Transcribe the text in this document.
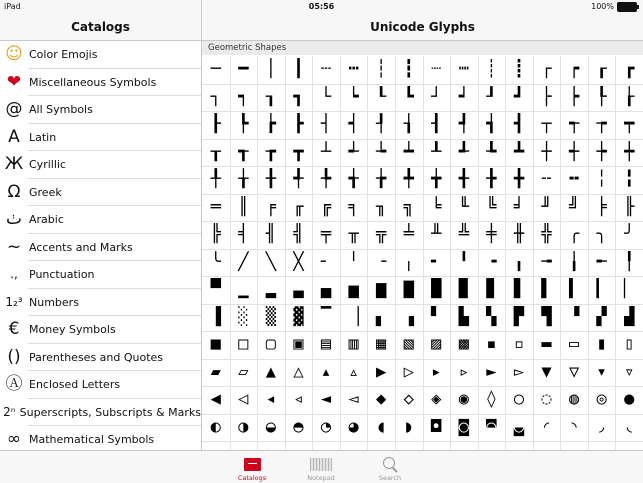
iPad	05:56	100%
Catalogs	Unicode Glyphs
☺ Color Emojis
❤ Miscellaneous Symbols
@ All Symbols
A Latin
Ж Cyrillic
Ω Greek
ٺ Arabic
~ Accents and Marks
.,	Punctuation
1₂³ Numbers
€ Money Symbols
() Parentheses and Quotes
Ⓐ Enclosed Letters
2ⁿ Superscripts, Subscripts & Marks
∞ Mathematical Symbols
Geometric Shapes
─	━	│	┃	┄	┅	┆	┇	┈	┉	┊	┋	┌	┍	┎	┏
┐	┑	┒	┓	└	┕	┖	┗	┘	┙	┚	┛	├	┝	┞	┟
┠	┡	┢	┣	┤	┥	┦	┧	┨	┩	┪	┫	┬	┭	┮	┯
┰	┱	┲	┳	┴	┵	┶	┷	┸	┹	┺	┻	┼	┽	┾	┿
╀	╁	╂	╃	╄	╅	╆	╇	╈	╉	╊	╋	╌	╍	╎	╏
═	║	╒	╓	╔	╕	╖	╗	╘	╙	╚	╛	╜	╝	╞	╟
╠	╡	╢	╣	╤	╥	╦	╧	╨	╩	╪	╫	╬	╭	╮	╯
╰	╱	╲	╳	╴	╵	╶	╷	╸	╹	╺	╻	╼	╽	╾	╿
▀	▁	▂	▃	▄	▅	▆	▇	█	▉	▊	▋	▌	▍	▎	▏
▐	░	▒	▓	▔	▕	▖	▗	▘	▙	▚	▛	▜	▝	▞	▟
■	□	▢	▣	▤	▥	▦	▧	▨	▩	▪	▫	▬	▭	▮	▯
▰	▱	▲	△	▴	▵	▶	▷	▸	▹	►	▻	▼	▽	▾	▿
◀	◁	◂	◃	◄	◅	◆	◇	◈	◉	◊	○	◌	◍	◎	●
◐	◑	◒	◓	◔	◕	◖	◗	◘	◙	◚	◛	◜	◝	◞	◟
Catalogs	Notepad	Search
